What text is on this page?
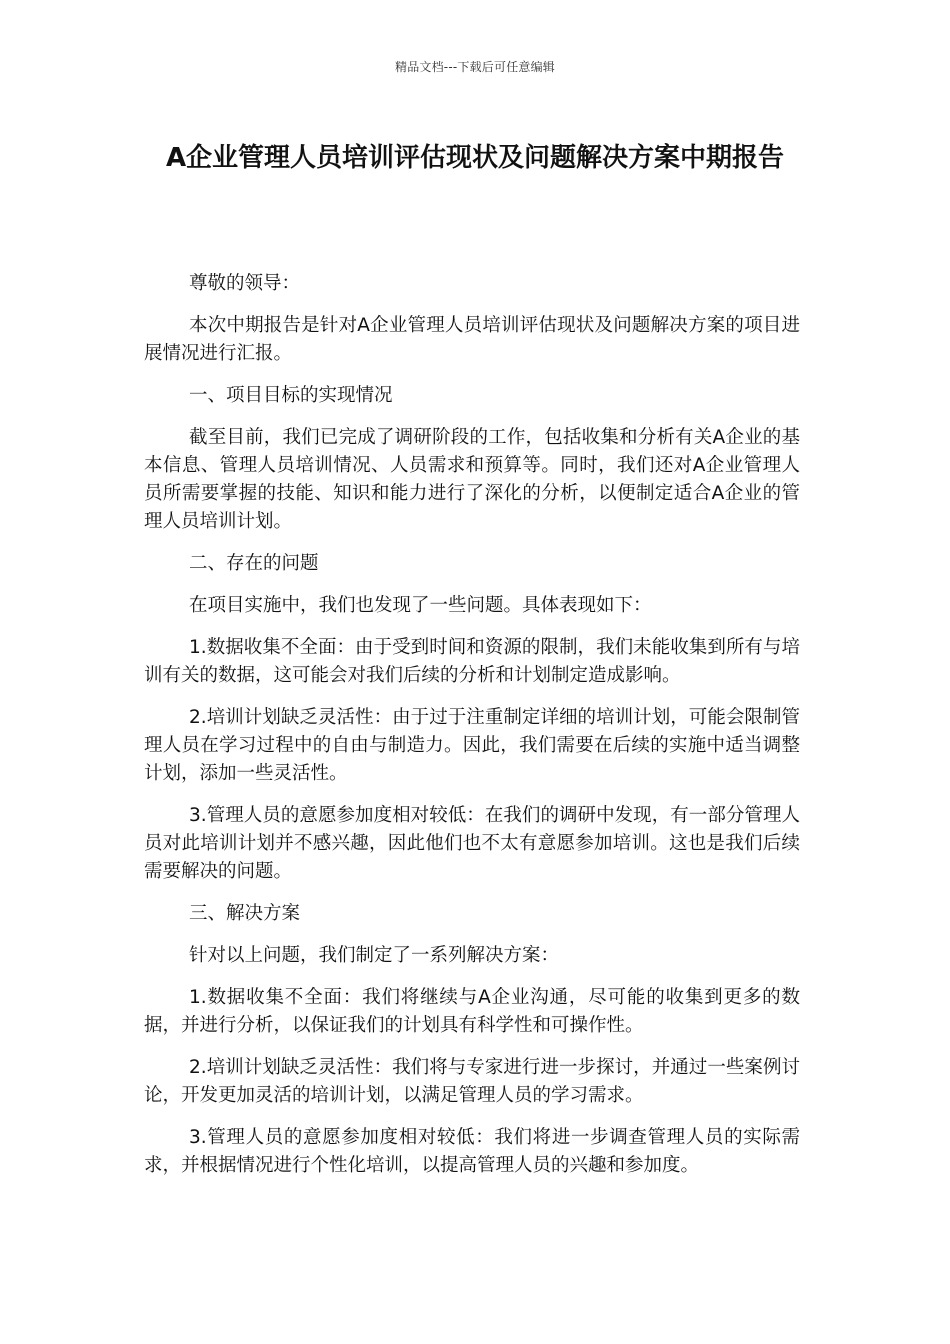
精品文档---下载后可任意编辑
A企业管理人员培训评估现状及问题解决方案中期报告

尊敬的领导：

本次中期报告是针对A企业管理人员培训评估现状及问题解决方案的项目进展情况进行汇报。

一、项目目标的实现情况

截至目前，我们已完成了调研阶段的工作，包括收集和分析有关A企业的基本信息、管理人员培训情况、人员需求和预算等。同时，我们还对A企业管理人员所需要掌握的技能、知识和能力进行了深化的分析，以便制定适合A企业的管理人员培训计划。

二、存在的问题

在项目实施中，我们也发现了一些问题。具体表现如下：

1.数据收集不全面：由于受到时间和资源的限制，我们未能收集到所有与培训有关的数据，这可能会对我们后续的分析和计划制定造成影响。

2.培训计划缺乏灵活性：由于过于注重制定详细的培训计划，可能会限制管理人员在学习过程中的自由与制造力。因此，我们需要在后续的实施中适当调整计划，添加一些灵活性。

3.管理人员的意愿参加度相对较低：在我们的调研中发现，有一部分管理人员对此培训计划并不感兴趣，因此他们也不太有意愿参加培训。这也是我们后续需要解决的问题。

三、解决方案

针对以上问题，我们制定了一系列解决方案：

1.数据收集不全面：我们将继续与A企业沟通，尽可能的收集到更多的数据，并进行分析，以保证我们的计划具有科学性和可操作性。

2.培训计划缺乏灵活性：我们将与专家进行进一步探讨，并通过一些案例讨论，开发更加灵活的培训计划，以满足管理人员的学习需求。

3.管理人员的意愿参加度相对较低：我们将进一步调查管理人员的实际需求，并根据情况进行个性化培训，以提高管理人员的兴趣和参加度。
